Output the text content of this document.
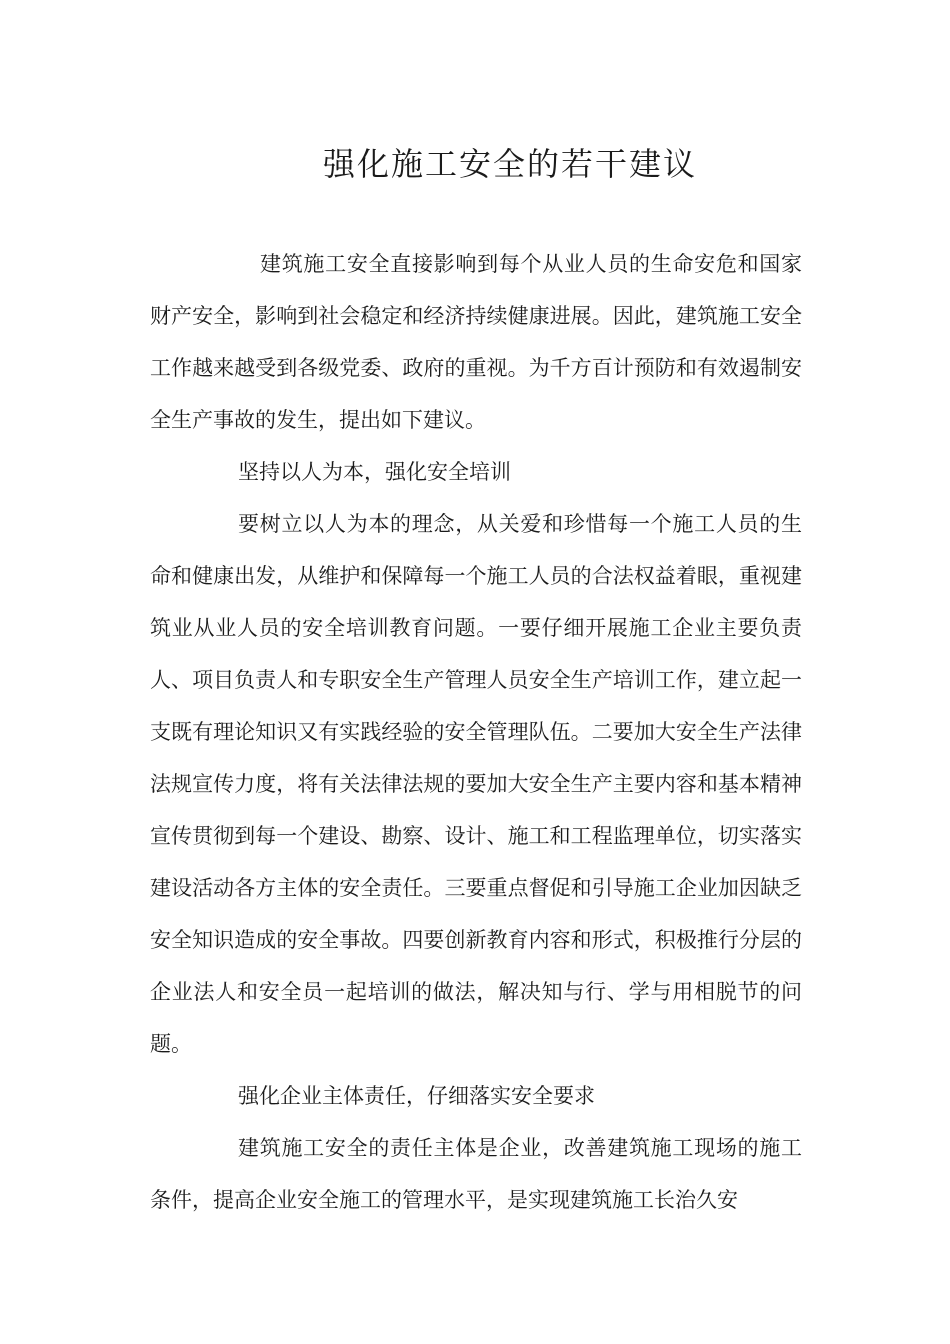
强化施工安全的若干建议

建筑施工安全直接影响到每个从业人员的生命安危和国家财产安全，影响到社会稳定和经济持续健康进展。因此，建筑施工安全工作越来越受到各级党委、政府的重视。为千方百计预防和有效遏制安全生产事故的发生，提出如下建议。

坚持以人为本，强化安全培训

要树立以人为本的理念，从关爱和珍惜每一个施工人员的生命和健康出发，从维护和保障每一个施工人员的合法权益着眼，重视建筑业从业人员的安全培训教育问题。一要仔细开展施工企业主要负责人、项目负责人和专职安全生产管理人员安全生产培训工作，建立起一支既有理论知识又有实践经验的安全管理队伍。二要加大安全生产法律法规宣传力度，将有关法律法规的要加大安全生产主要内容和基本精神宣传贯彻到每一个建设、勘察、设计、施工和工程监理单位，切实落实建设活动各方主体的安全责任。三要重点督促和引导施工企业加因缺乏安全知识造成的安全事故。四要创新教育内容和形式，积极推行分层的企业法人和安全员一起培训的做法，解决知与行、学与用相脱节的问题。

强化企业主体责任，仔细落实安全要求

建筑施工安全的责任主体是企业，改善建筑施工现场的施工条件，提高企业安全施工的管理水平，是实现建筑施工长治久安
